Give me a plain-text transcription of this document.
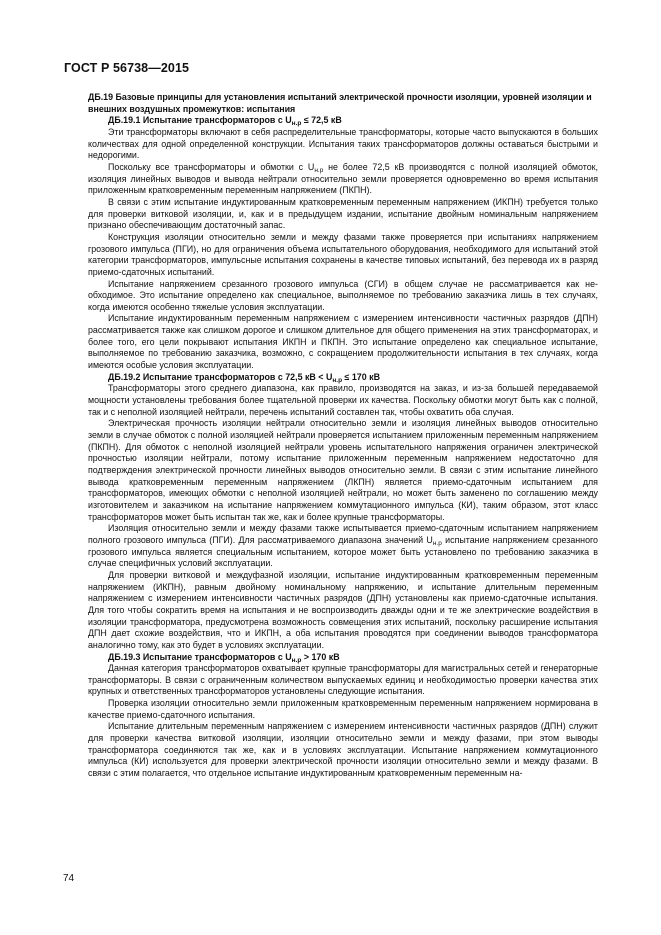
ГОСТ Р 56738—2015

ДБ.19 Базовые принципы для установления испытаний электрической прочности изоляции, уровней изоляции и внешних воздушных промежутков: испытания

ДБ.19.1 Испытание трансформаторов с $U_{н.р} \le 72,5$ кВ

Эти трансформаторы включают в себя распределительные трансформаторы, которые часто выпускаются в больших количествах для одной определенной конструкции. Испытания таких трансформаторов должны оставаться быстрыми и недорогими.

Поскольку все трансформаторы и обмотки с $U_{н.р}$ не более 72,5 кВ производятся с полной изоляцией обмоток, изоляция линейных выводов и вывода нейтрали относительно земли проверяется одновременно во время испытания приложенным кратковременным переменным напряжением (ПКПН).

В связи с этим испытание индуктированным кратковременным переменным напряжением (ИКПН) требуется только для проверки витковой изоляции, и, как и в предыдущем издании, испытание двойным номинальным напряжением признано обеспечивающим достаточный запас.

Конструкция изоляции относительно земли и между фазами также проверяется при испытаниях напряжением грозового импульса (ПГИ), но для ограничения объема испытательного оборудования, необходимого для испытаний этой категории трансформаторов, импульсные испытания сохранены в качестве типовых испытаний, без перевода их в разряд приемо-сдаточных испытаний.

Испытание напряжением срезанного грозового импульса (СГИ) в общем случае не рассматривается как необходимое. Это испытание определено как специальное, выполняемое по требованию заказчика лишь в тех случаях, когда имеются особенно тяжелые условия эксплуатации.

Испытание индуктированным переменным напряжением с измерением интенсивности частичных разрядов (ДПН) рассматривается также как слишком дорогое и слишком длительное для общего применения на этих трансформаторах, и более того, его цели покрывают испытания ИКПН и ПКПН. Это испытание определено как специальное испытание, выполняемое по требованию заказчика, возможно, с сокращением продолжительности испытания в тех случаях, когда имеются особые условия эксплуатации.

ДБ.19.2 Испытание трансформаторов с 72,5 кВ < $U_{н.р} \le 170$ кВ

Трансформаторы этого среднего диапазона, как правило, производятся на заказ, и из-за большей передаваемой мощности установлены требования более тщательной проверки их качества. Поскольку обмотки могут быть как с полной, так и с неполной изоляцией нейтрали, перечень испытаний составлен так, чтобы охватить оба случая.

Электрическая прочность изоляции нейтрали относительно земли и изоляция линейных выводов относительно земли в случае обмоток с полной изоляцией нейтрали проверяется испытанием приложенным переменным напряжением (ПКПН). Для обмоток с неполной изоляцией нейтрали уровень испытательного напряжения ограничен электрической прочностью изоляции нейтрали, потому испытание приложенным переменным напряжением недостаточно для подтверждения электрической прочности линейных выводов относительно земли. В связи с этим испытание линейного вывода кратковременным переменным напряжением (ЛКПН) является приемо-сдаточным испытанием для трансформаторов, имеющих обмотки с неполной изоляцией нейтрали, но может быть заменено по соглашению между изготовителем и заказчиком на испытание напряжением коммутационного импульса (КИ), таким образом, этот класс трансформаторов может быть испытан так же, как и более крупные трансформаторы.

Изоляция относительно земли и между фазами также испытывается приемо-сдаточным испытанием напряжением полного грозового импульса (ПГИ). Для рассматриваемого диапазона значений $U_{н.р}$ испытание напряжением срезанного грозового импульса является специальным испытанием, которое может быть установлено по требованию заказчика в случае специфичных условий эксплуатации.

Для проверки витковой и междуфазной изоляции, испытание индуктированным кратковременным переменным напряжением (ИКПН), равным двойному номинальному напряжению, и испытание длительным переменным напряжением с измерением интенсивности частичных разрядов (ДПН) установлены как приемо-сдаточные испытания. Для того чтобы сократить время на испытания и не воспроизводить дважды одни и те же электрические воздействия в изоляции трансформатора, предусмотрена возможность совмещения этих испытаний, поскольку расширение испытания ДПН дает схожие воздействия, что и ИКПН, а оба испытания проводятся при соединении выводов трансформатора аналогично тому, как это будет в условиях эксплуатации.

ДБ.19.3 Испытание трансформаторов с $U_{н.р} > 170$ кВ

Данная категория трансформаторов охватывает крупные трансформаторы для магистральных сетей и генераторные трансформаторы. В связи с ограниченным количеством выпускаемых единиц и необходимостью проверки качества этих крупных и ответственных трансформаторов установлены следующие испытания.

Проверка изоляции относительно земли приложенным кратковременным переменным напряжением нормирована в качестве приемо-сдаточного испытания.

Испытание длительным переменным напряжением с измерением интенсивности частичных разрядов (ДПН) служит для проверки качества витковой изоляции, изоляции относительно земли и между фазами, при этом выводы трансформатора соединяются так же, как и в условиях эксплуатации. Испытание напряжением коммутационного импульса (КИ) используется для проверки электрической прочности изоляции относительно земли и между фазами. В связи с этим полагается, что отдельное испытание индуктированным кратковременным переменным на-

74
